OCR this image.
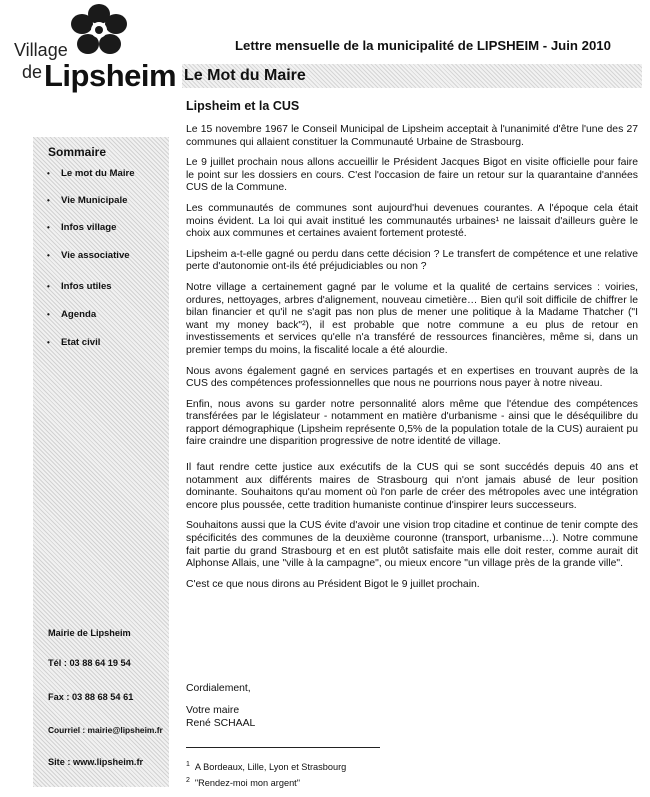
Village
de Lipsheim
Lettre mensuelle de la municipalité de LIPSHEIM - Juin 2010
Le Mot du Maire
Lipsheim et la CUS
Sommaire
• Le mot du Maire
• Vie Municipale
• Infos village
• Vie associative
• Infos utiles
• Agenda
• Etat civil
Mairie de Lipsheim
Tél : 03 88 64 19 54
Fax : 03 88 68 54 61
Courriel : mairie@lipsheim.fr
Site : www.lipsheim.fr

Le 15 novembre 1967 le Conseil Municipal de Lipsheim acceptait à l'unanimité d'être l'une des 27 communes qui allaient constituer la Communauté Urbaine de Strasbourg.

Le 9 juillet prochain nous allons accueillir le Président Jacques Bigot en visite officielle pour faire le point sur les dossiers en cours. C'est l'occasion de faire un retour sur la quarantaine d'années CUS de la Commune.

Les communautés de communes sont aujourd'hui devenues courantes. A l'époque cela était moins évident. La loi qui avait institué les communautés urbaines¹ ne laissait d'ailleurs guère le choix aux communes et certaines avaient fortement protesté.

Lipsheim a-t-elle gagné ou perdu dans cette décision ? Le transfert de compétence et une relative perte d'autonomie ont-ils été préjudiciables ou non ?

Notre village a certainement gagné par le volume et la qualité de certains services : voiries, ordures, nettoyages, arbres d'alignement, nouveau cimetière… Bien qu'il soit difficile de chiffrer le bilan financier et qu'il ne s'agit pas non plus de mener une politique à la Madame Thatcher ("I want my money back"²), il est probable que notre commune a eu plus de retour en investissements et services qu'elle n'a transféré de ressources financières, même si, dans un premier temps du moins, la fiscalité locale a été alourdie.

Nous avons également gagné en services partagés et en expertises en trouvant auprès de la CUS des compétences professionnelles que nous ne pourrions nous payer à notre niveau.

Enfin, nous avons su garder notre personnalité alors même que l'étendue des compétences transférées par le législateur - notamment en matière d'urbanisme - ainsi que le déséquilibre du rapport démographique (Lipsheim représente 0,5% de la population totale de la CUS) auraient pu faire craindre une disparition progressive de notre identité de village.

Il faut rendre cette justice aux exécutifs de la CUS qui se sont succédés depuis 40 ans et notamment aux différents maires de Strasbourg qui n'ont jamais abusé de leur position dominante. Souhaitons qu'au moment où l'on parle de créer des métropoles avec une intégration encore plus poussée, cette tradition humaniste continue d'inspirer leurs successeurs.

Souhaitons aussi que la CUS évite d'avoir une vision trop citadine et continue de tenir compte des spécificités des communes de la deuxième couronne (transport, urbanisme…). Notre commune fait partie du grand Strasbourg et en est plutôt satisfaite mais elle doit rester, comme aurait dit Alphonse Allais, une "ville à la campagne", ou mieux encore "un village près de la grande ville".

C'est ce que nous dirons au Président Bigot le 9 juillet prochain.

Cordialement,
Votre maire
René SCHAAL
$^1$ A Bordeaux, Lille, Lyon et Strasbourg
$^2$ "Rendez-moi mon argent"
